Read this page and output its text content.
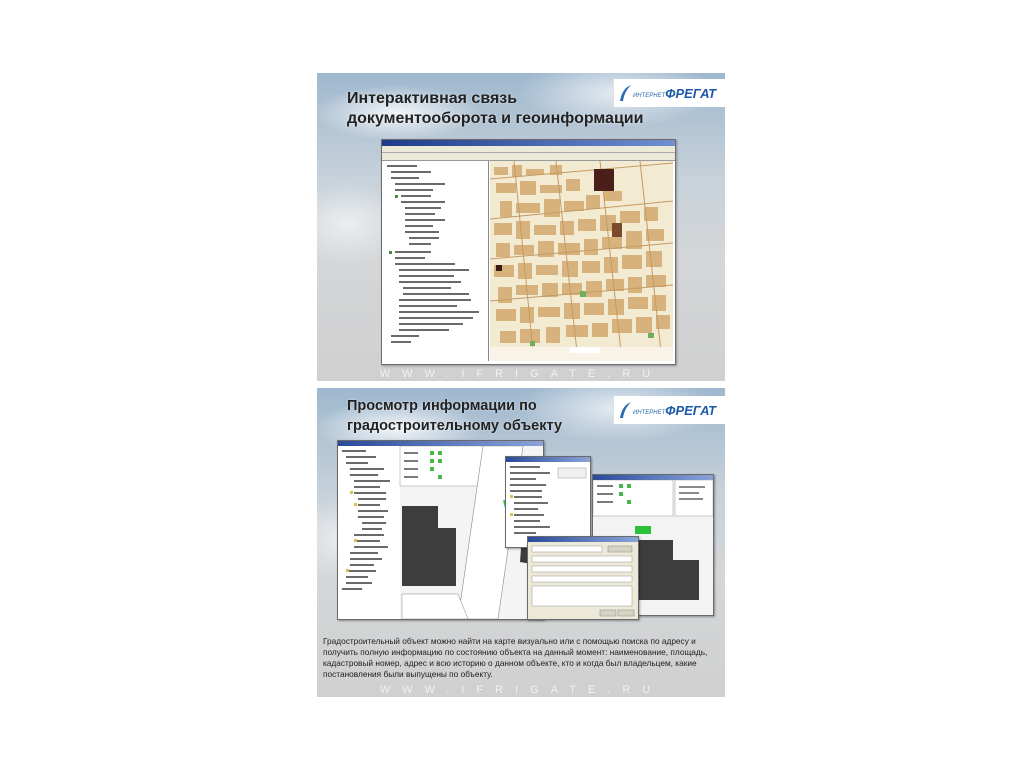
Интерактивная связь
документооборота и геоинформации
ИНТЕРНЕТ ФРЕГАТ
WWW.IFRIGATE.RU
Просмотр информации по
градостроительному объекту
ИНТЕРНЕТ ФРЕГАТ
Градостроительный объект можно найти на карте визуально или с помощью поиска по адресу и получить полную информацию по состоянию объекта на данный момент: наименование, площадь, кадастровый номер, адрес и всю историю о данном объекте, кто и когда был владельцем, какие постановления были выпущены по объекту.
WWW.IFRIGATE.RU
